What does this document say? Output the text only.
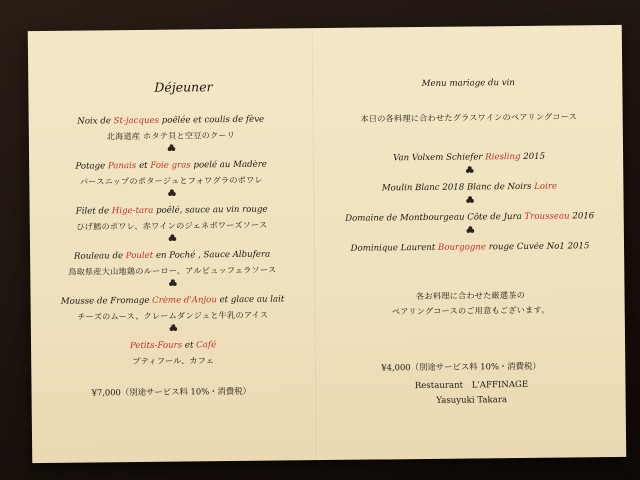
Déjeuner
Noix de St-jacques poêlée et coulis de fève
北海道産 ホタテ貝と空豆のクーリ
Potage Panais et Foie gras poelé au Madère
パースニップのポタージュとフォワグラのポワレ
Filet de Hige-tara poêlé, sauce au vin rouge
ひげ鱈のポワレ、赤ワインのジェネボワーズソース
Rouleau de Poulet en Poché , Sauce Albufera
鳥取県産大山地鶏のルーロー、アルビュッフェラソース
Mousse de Fromage Crème d'Anjou et glace au lait
チーズのムース、クレームダンジュと牛乳のアイス
Petits-Fours et Café
プティフール、カフェ
¥7,000（別途サービス料 10%・消費税）
Menu mariage du vin
本日の各料理に合わせたグラスワインのペアリングコース
Van Volxem Schiefer Riesling 2015
Moulin Blanc 2018 Blanc de Noirs Loire
Domaine de Montbourgeau Côte de Jura Trousseau 2016
Dominique Laurent Bourgogne rouge Cuvée No1 2015
各お料理に合わせた厳選茶の
ペアリングコースのご用意もございます。
¥4,000（別途サービス料 10%・消費税）
Restaurant　L'AFFINAGE
Yasuyuki Takara
